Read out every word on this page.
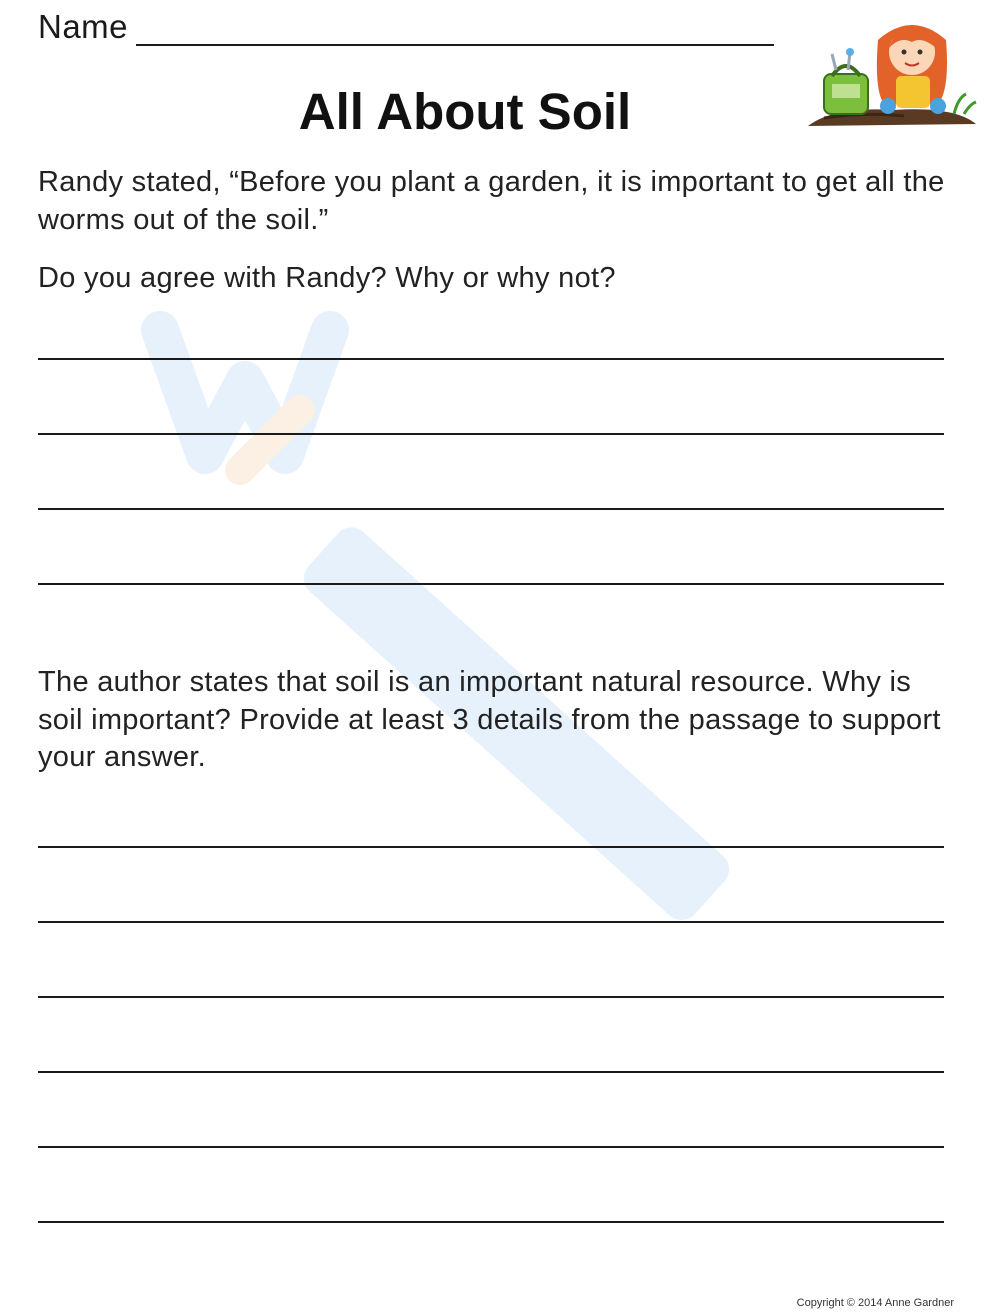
Name
All About Soil

Randy stated, “Before you plant a garden, it is important to get all the worms out of the soil.”

Do you agree with Randy? Why or why not?

The author states that soil is an important natural resource. Why is soil important? Provide at least 3 details from the passage to support your answer.

Copyright © 2014 Anne Gardner
